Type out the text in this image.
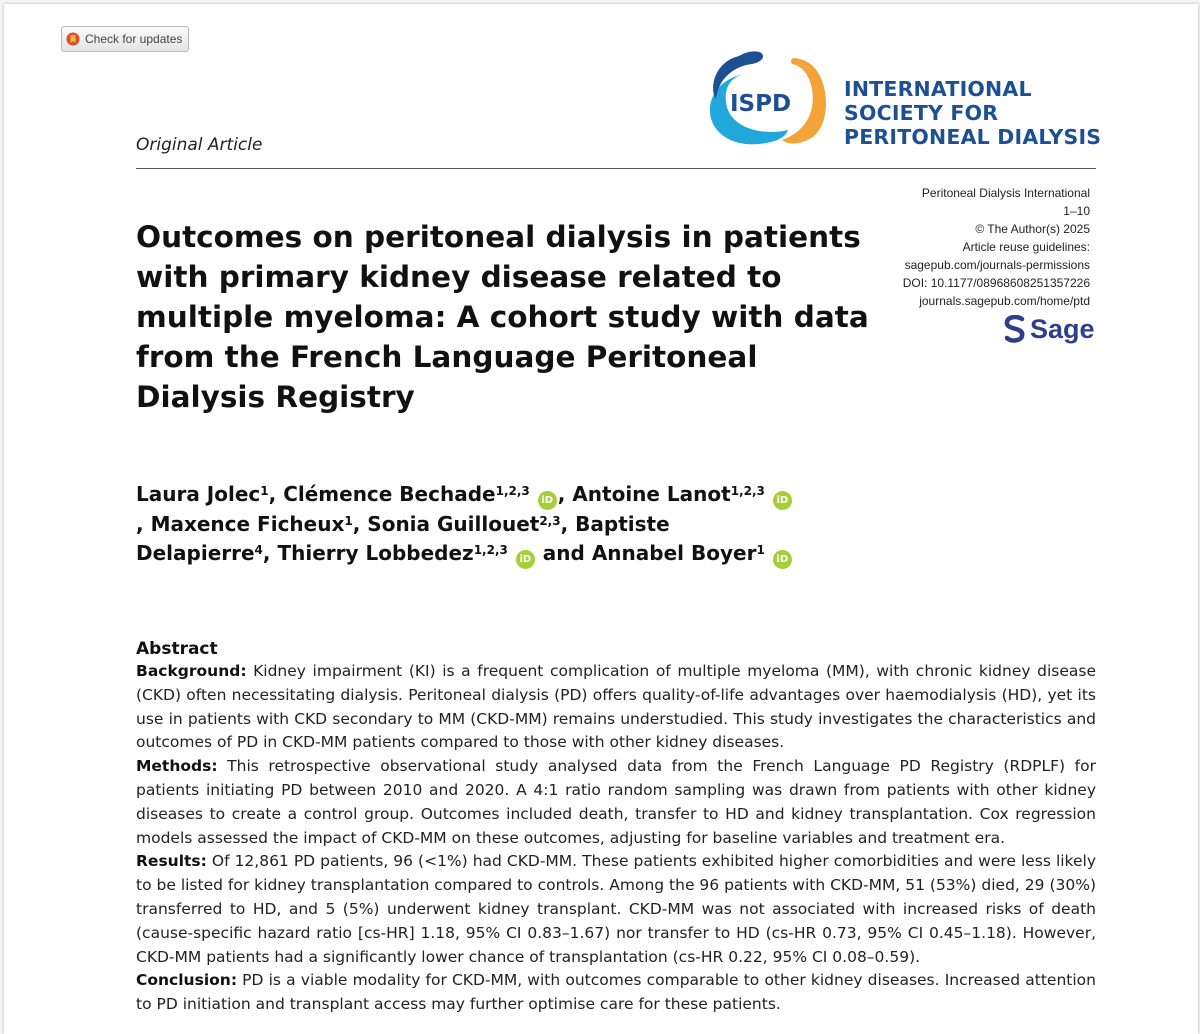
Check for updates
Original Article
ISPD
INTERNATIONAL
SOCIETY FOR
PERITONEAL DIALYSIS
Peritoneal Dialysis International
1–10
© The Author(s) 2025
Article reuse guidelines:
sagepub.com/journals-permissions
DOI: 10.1177/08968608251357226
journals.sagepub.com/home/ptd
Sage
Outcomes on peritoneal dialysis in patients with primary kidney disease related to multiple myeloma: A cohort study with data from the French Language Peritoneal Dialysis Registry
Laura Jolec$^1$, Clémence Bechade$^{1,2,3}$ iD , Antoine Lanot$^{1,2,3}$ iD, Maxence Ficheux$^1$, Sonia Guillouet$^{2,3}$, Baptiste Delapierre$^4$, Thierry Lobbedez$^{1,2,3}$ iD and Annabel Boyer$^1$ iD
Abstract

Background: Kidney impairment (KI) is a frequent complication of multiple myeloma (MM), with chronic kidney disease (CKD) often necessitating dialysis. Peritoneal dialysis (PD) offers quality-of-life advantages over haemodialysis (HD), yet its use in patients with CKD secondary to MM (CKD-MM) remains understudied. This study investigates the characteristics and outcomes of PD in CKD-MM patients compared to those with other kidney diseases.

Methods: This retrospective observational study analysed data from the French Language PD Registry (RDPLF) for patients initiating PD between 2010 and 2020. A 4:1 ratio random sampling was drawn from patients with other kidney diseases to create a control group. Outcomes included death, transfer to HD and kidney transplantation. Cox regression models assessed the impact of CKD-MM on these outcomes, adjusting for baseline variables and treatment era.

Results: Of 12,861 PD patients, 96 (<1%) had CKD-MM. These patients exhibited higher comorbidities and were less likely to be listed for kidney transplantation compared to controls. Among the 96 patients with CKD-MM, 51 (53%) died, 29 (30%) transferred to HD, and 5 (5%) underwent kidney transplant. CKD-MM was not associated with increased risks of death (cause-specific hazard ratio [cs-HR] 1.18, 95% CI 0.83–1.67) nor transfer to HD (cs-HR 0.73, 95% CI 0.45–1.18). However, CKD-MM patients had a significantly lower chance of transplantation (cs-HR 0.22, 95% CI 0.08–0.59).

Conclusion: PD is a viable modality for CKD-MM, with outcomes comparable to other kidney diseases. Increased attention to PD initiation and transplant access may further optimise care for these patients.
